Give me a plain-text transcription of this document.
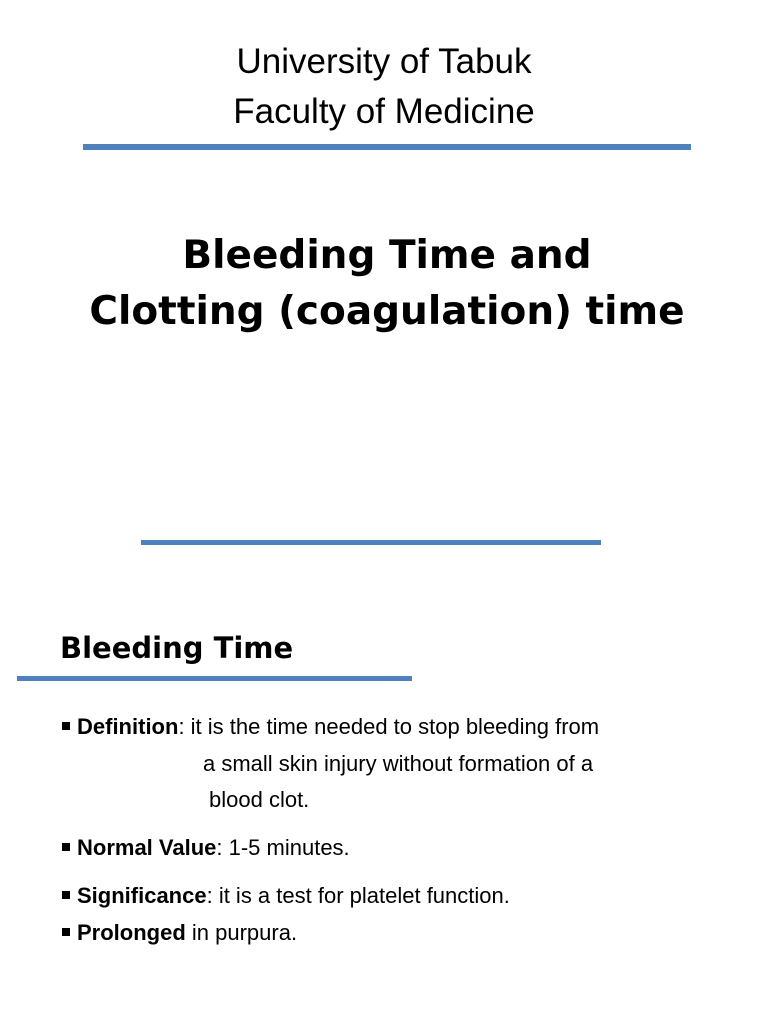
University of Tabuk
Faculty of Medicine
Bleeding Time and
Clotting (coagulation) time
Bleeding Time
Definition: it is the time needed to stop bleeding from
a small skin injury without formation of a
blood clot.
Normal Value: 1-5 minutes.
Significance: it is a test for platelet function.
Prolonged in purpura.
